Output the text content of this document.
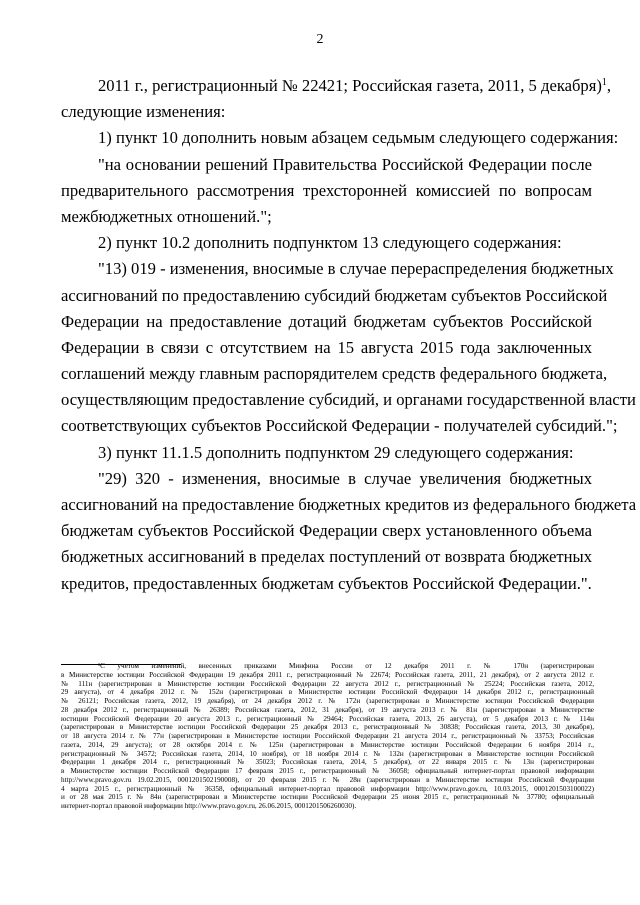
2
2011 г., регистрационный № 22421; Российская газета, 2011, 5 декабря)$^1$,
следующие изменения:
1) пункт 10 дополнить новым абзацем седьмым следующего содержания:
"на основании решений Правительства Российской Федерации после
предварительного рассмотрения трехсторонней комиссией по вопросам
межбюджетных отношений.";
2) пункт 10.2 дополнить подпунктом 13 следующего содержания:
"13) 019 - изменения, вносимые в случае перераспределения бюджетных
ассигнований по предоставлению субсидий бюджетам субъектов Российской
Федерации на предоставление дотаций бюджетам субъектов Российской
Федерации в связи с отсутствием на 15 августа 2015 года заключенных
соглашений между главным распорядителем средств федерального бюджета,
осуществляющим предоставление субсидий, и органами государственной власти
соответствующих субъектов Российской Федерации - получателей субсидий.";
3) пункт 11.1.5 дополнить подпунктом 29 следующего содержания:
"29) 320 - изменения, вносимые в случае увеличения бюджетных
ассигнований на предоставление бюджетных кредитов из федерального бюджета
бюджетам субъектов Российской Федерации сверх установленного объема
бюджетных ассигнований в пределах поступлений от возврата бюджетных
кредитов, предоставленных бюджетам субъектов Российской Федерации.".
¹С учетом изменений, внесенных приказами Минфина России от 12 декабря 2011 г. № 170н (зарегистрирован
в Министерстве юстиции Российской Федерации 19 декабря 2011 г., регистрационный № 22674; Российская газета, 2011, 21 декабря), от 2 августа 2012 г.
№ 111н (зарегистрирован в Министерстве юстиции Российской Федерации 22 августа 2012 г., регистрационный № 25224; Российская газета, 2012,
29 августа), от 4 декабря 2012 г. № 152н (зарегистрирован в Министерстве юстиции Российской Федерации 14 декабря 2012 г., регистрационный
№ 26121; Российская газета, 2012, 19 декабря), от 24 декабря 2012 г. № 172н (зарегистрирован в Министерстве юстиции Российской Федерации
28 декабря 2012 г., регистрационный № 26389; Российская газета, 2012, 31 декабря), от 19 августа 2013 г. № 81н (зарегистрирован в Министерстве
юстиции Российской Федерации 20 августа 2013 г., регистрационный № 29464; Российская газета, 2013, 26 августа), от 5 декабря 2013 г. № 114н
(зарегистрирован в Министерстве юстиции Российской Федерации 25 декабря 2013 г., регистрационный № 30838; Российская газета, 2013, 30 декабря),
от 18 августа 2014 г. № 77н (зарегистрирован в Министерстве юстиции Российской Федерации 21 августа 2014 г., регистрационный № 33753; Российская
газета, 2014, 29 августа); от 28 октября 2014 г. № 125н (зарегистрирован в Министерстве юстиции Российской Федерации 6 ноября 2014 г.,
регистрационный № 34572; Российская газета, 2014, 10 ноября), от 18 ноября 2014 г. № 132н (зарегистрирован в Министерстве юстиции Российской
Федерации 1 декабря 2014 г., регистрационный № 35023; Российская газета, 2014, 5 декабря), от 22 января 2015 г. № 13н (зарегистрирован
в Министерстве юстиции Российской Федерации 17 февраля 2015 г., регистрационный № 36058; официальный интернет-портал правовой информации
http://www.pravo.gov.ru 19.02.2015, 0001201502190008), от 20 февраля 2015 г. № 28н (зарегистрирован в Министерстве юстиции Российской Федерации
4 марта 2015 г., регистрационный № 36358, официальный интернет-портал правовой информации http://www.pravo.gov.ru, 10.03.2015, 0001201503100022)
и от 28 мая 2015 г. № 84н (зарегистрирован в Министерстве юстиции Российской Федерации 25 июня 2015 г., регистрационный № 37780; официальный
интернет-портал правовой информации http://www.pravo.gov.ru, 26.06.2015, 0001201506260030).
